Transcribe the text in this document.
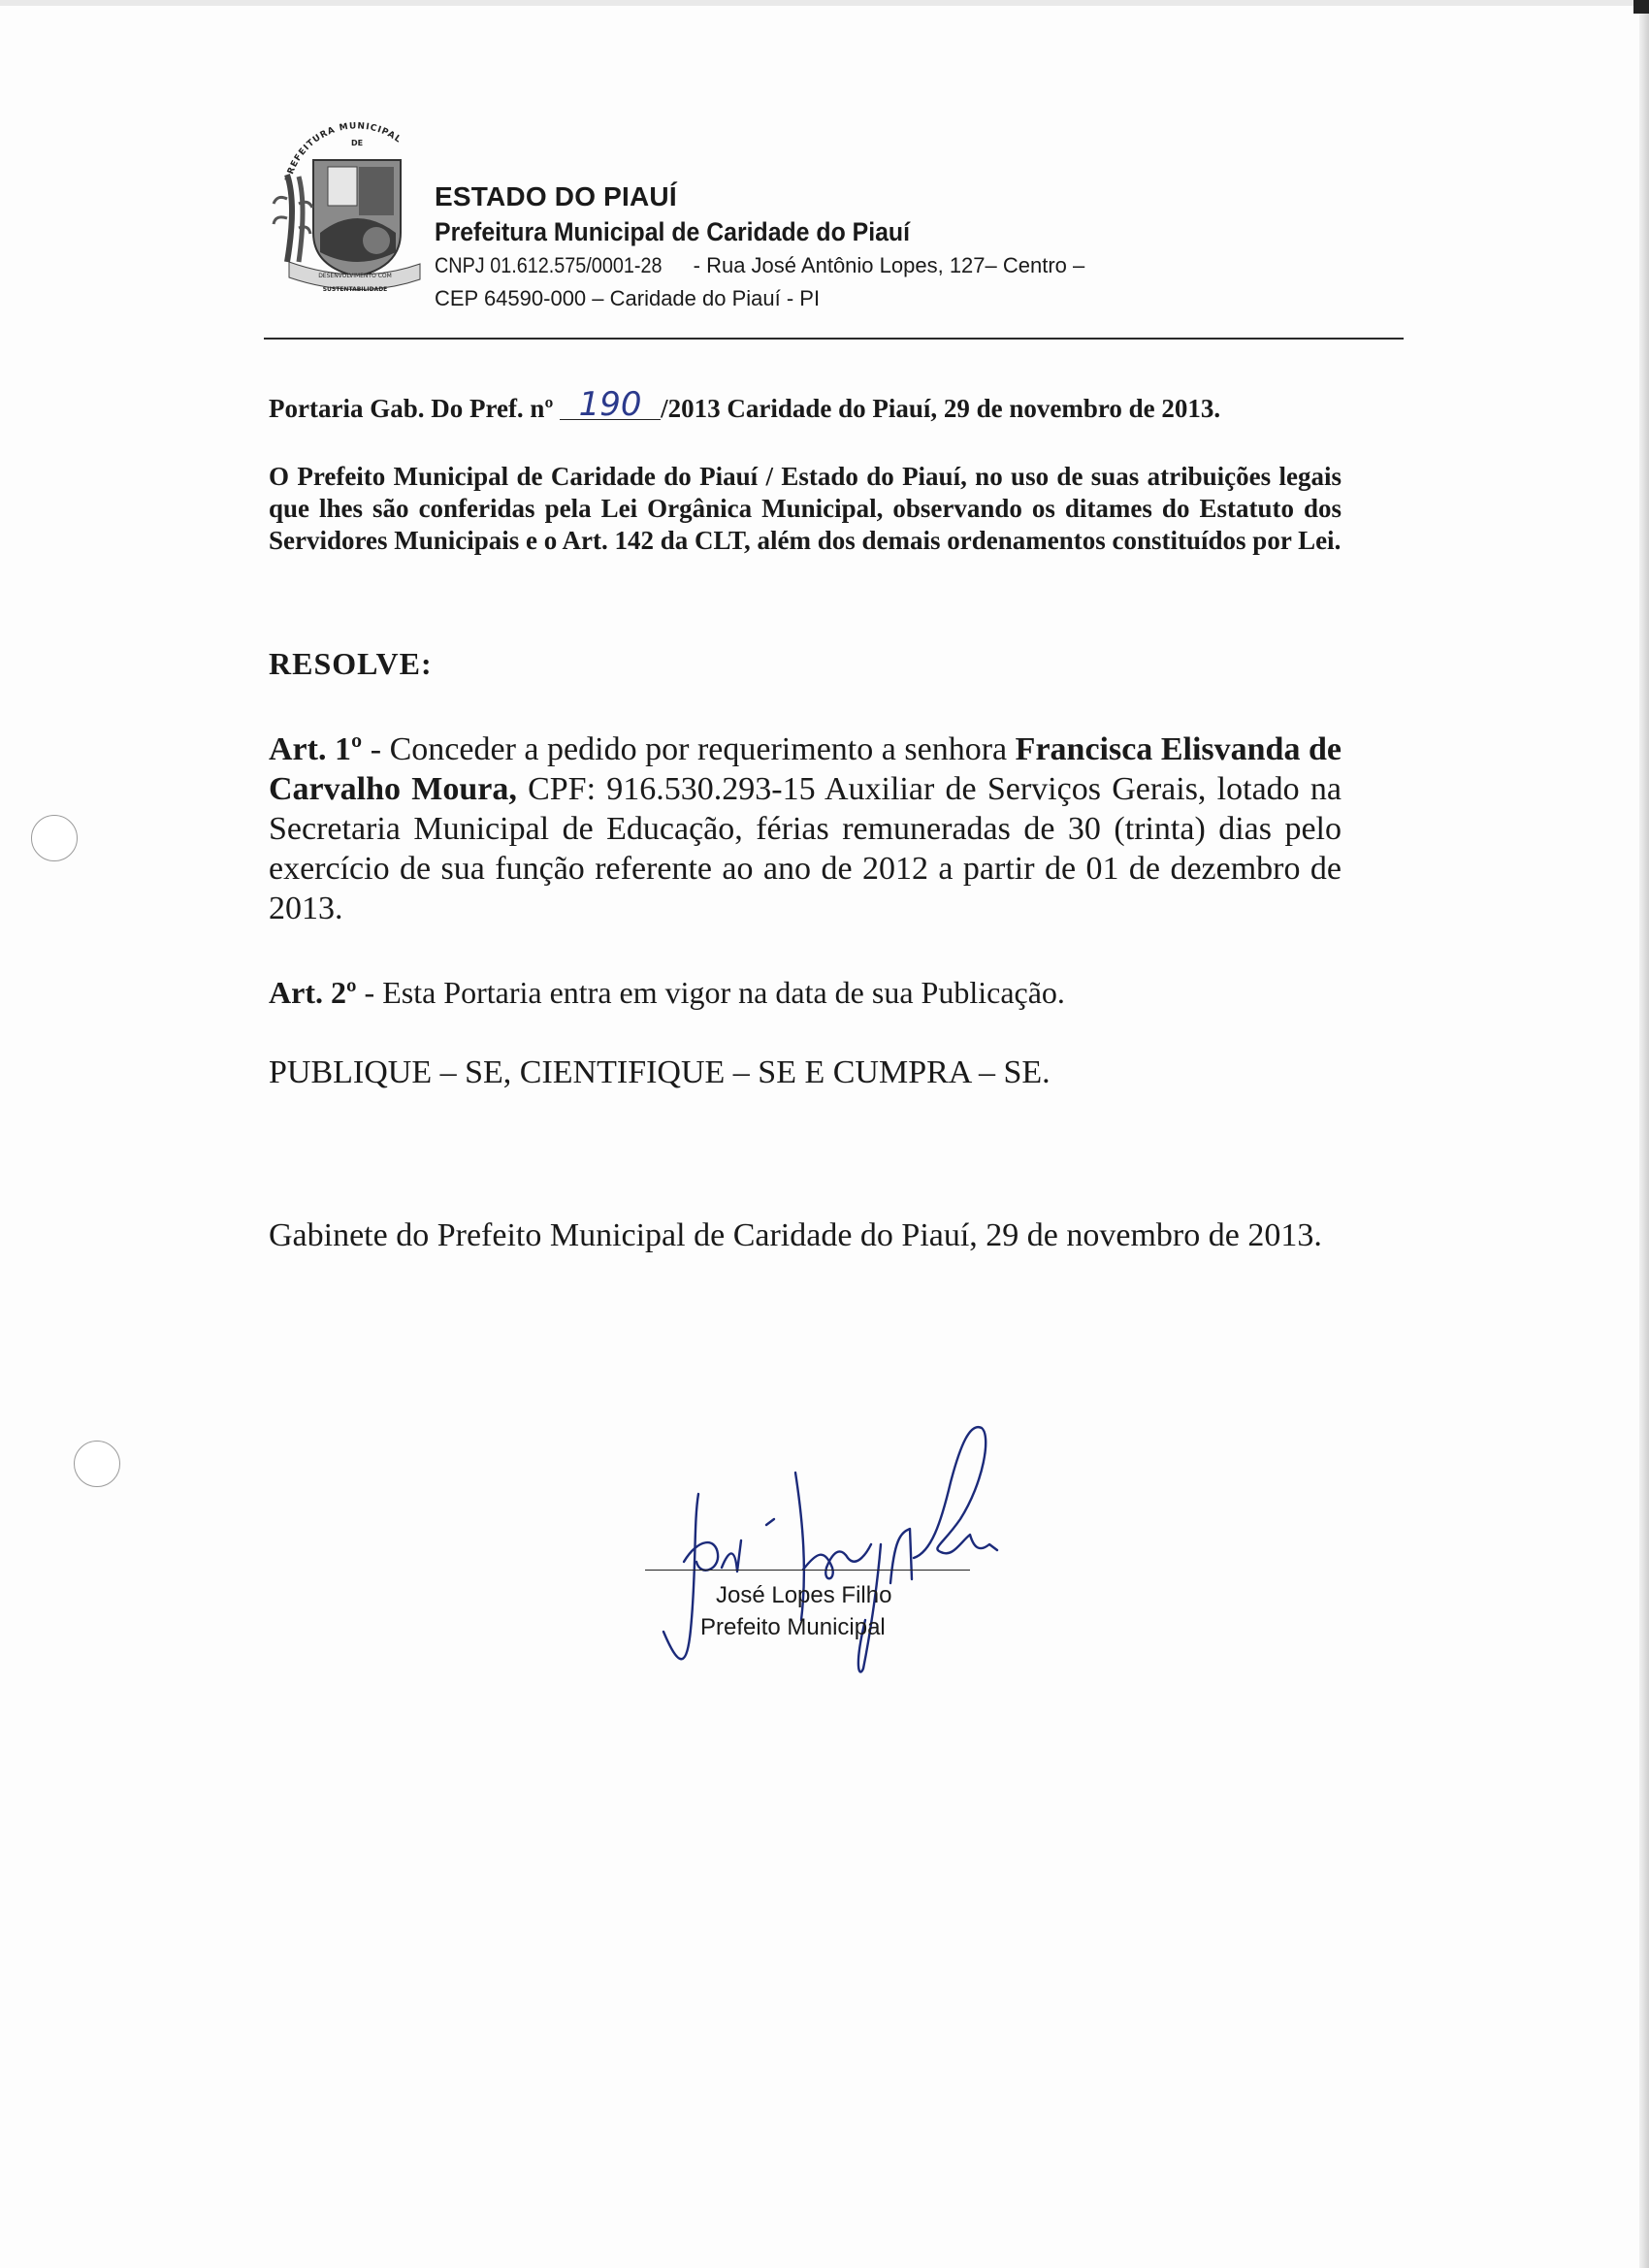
PREFEITURA MUNICIPAL
DE
DESENVOLVIMENTO COM
SUSTENTABILIDADE
ESTADO DO PIAUÍ
Prefeitura Municipal de Caridade do Piauí
CNPJ 01.612.575/0001-28 - Rua José Antônio Lopes, 127– Centro –
CEP 64590-000 – Caridade do Piauí - PI
Portaria Gab. Do Pref. nº 190 /2013 Caridade do Piauí, 29 de novembro de 2013.
O Prefeito Municipal de Caridade do Piauí / Estado do Piauí, no uso de suas atribuições legais que lhes são conferidas pela Lei Orgânica Municipal, observando os ditames do Estatuto dos Servidores Municipais e o Art. 142 da CLT, além dos demais ordenamentos constituídos por Lei.
RESOLVE:
Art. 1º - Conceder a pedido por requerimento a senhora Francisca Elisvanda de Carvalho Moura, CPF: 916.530.293-15 Auxiliar de Serviços Gerais, lotado na Secretaria Municipal de Educação, férias remuneradas de 30 (trinta) dias pelo exercício de sua função referente ao ano de 2012 a partir de 01 de dezembro de 2013.
Art. 2º - Esta Portaria entra em vigor na data de sua Publicação.
PUBLIQUE – SE, CIENTIFIQUE – SE E CUMPRA – SE.
Gabinete do Prefeito Municipal de Caridade do Piauí, 29 de novembro de 2013.
José Lopes Filho
Prefeito Municipal
